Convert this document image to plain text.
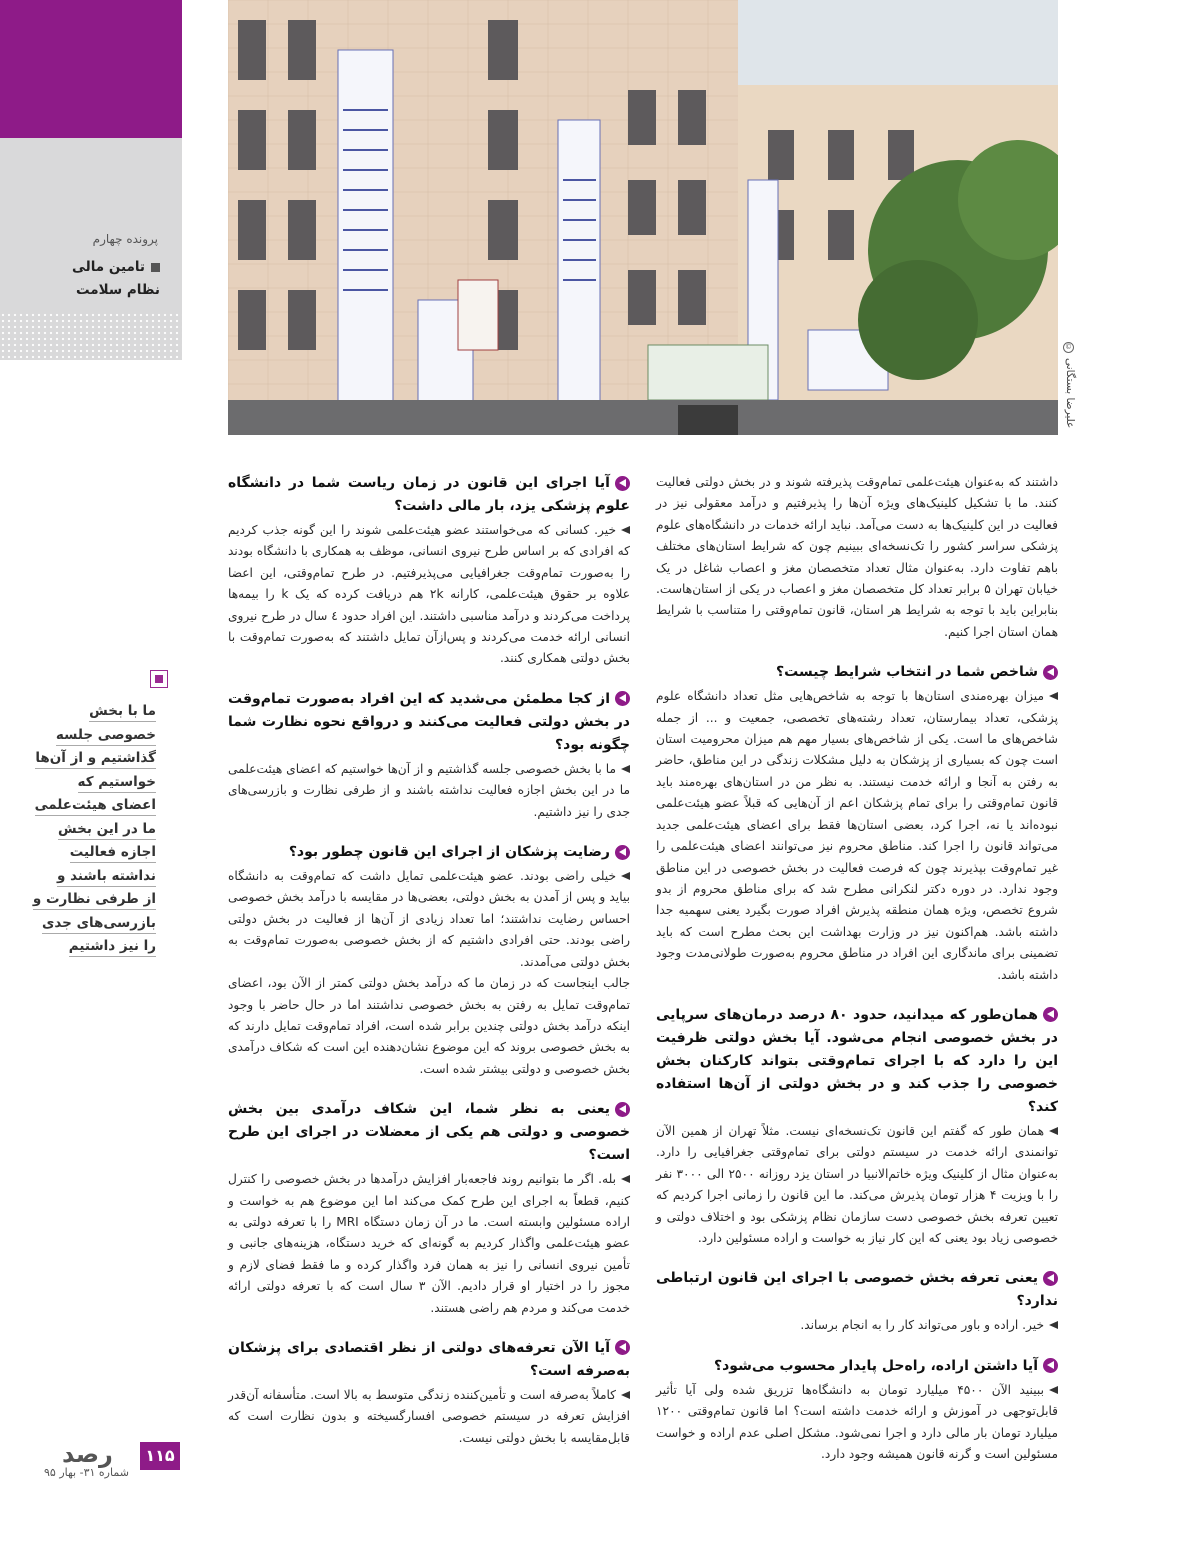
پرونده چهارم
تامین مالی
نظام سلامت
ما با بخش
خصوصی جلسه
گذاشتیم و از آن‌ها
خواستیم که
اعضای هیئت‌علمی
ما در این بخش
اجازه فعالیت
نداشته باشند و
از طرفی نظارت و
بازرسی‌های جدی
را نیز داشتیم
۱۱۵
رصد
شماره ۳۱- بهار ۹۵
©
علیرضا بستگانی

داشتند که به‌عنوان هیئت‌علمی تمام‌وقت پذیرفته شوند و در بخش دولتی فعالیت کنند. ما با تشکیل کلینیک‌های ویژه آن‌ها را پذیرفتیم و درآمد معقولی نیز در فعالیت در این کلینیک‌ها به دست می‌آمد. نباید ارائه خدمات در دانشگاه‌های علوم پزشکی سراسر کشور را تک‌نسخه‌ای ببینیم چون که شرایط استان‌های مختلف باهم تفاوت دارد. به‌عنوان مثال تعداد متخصصان مغز و اعصاب شاغل در یک خیابان تهران ۵ برابر تعداد کل متخصصان مغز و اعصاب در یکی از استان‌هاست. بنابراین باید با توجه به شرایط هر استان، قانون تمام‌وقتی را متناسب با شرایط همان استان اجرا کنیم.

شاخص شما در انتخاب شرایط چیست؟

میزان بهره‌مندی استان‌ها با توجه به شاخص‌هایی مثل تعداد دانشگاه علوم پزشکی، تعداد بیمارستان، تعداد رشته‌های تخصصی، جمعیت و ... از جمله شاخص‌های ما است. یکی از شاخص‌های بسیار مهم هم میزان محرومیت استان است چون که بسیاری از پزشکان به دلیل مشکلات زندگی در این مناطق، حاضر به رفتن به آنجا و ارائه خدمت نیستند. به نظر من در استان‌های بهره‌مند باید قانون تمام‌وقتی را برای تمام پزشکان اعم از آن‌هایی که قبلاً عضو هیئت‌علمی نبوده‌اند یا نه، اجرا کرد، بعضی استان‌ها فقط برای اعضای هیئت‌علمی جدید می‌تواند قانون را اجرا کند. مناطق محروم نیز می‌توانند اعضای هیئت‌علمی را غیر تمام‌وقت بپذیرند چون که فرصت فعالیت در بخش خصوصی در این مناطق وجود ندارد. در دوره دکتر لنکرانی مطرح شد که برای مناطق محروم از بدو شروع تخصص، ویژه همان منطقه پذیرش افراد صورت بگیرد یعنی سهمیه جدا داشته باشد. هم‌اکنون نیز در وزارت بهداشت این بحث مطرح است که باید تضمینی برای ماندگاری این افراد در مناطق محروم به‌صورت طولانی‌مدت وجود داشته باشد.

همان‌طور که میدانید، حدود ۸۰ درصد درمان‌های سرپایی در بخش خصوصی انجام می‌شود. آیا بخش دولتی ظرفیت این را دارد که با اجرای تمام‌وقتی بتواند کارکنان بخش خصوصی را جذب کند و در بخش دولتی از آن‌ها استفاده کند؟

همان طور که گفتم این قانون تک‌نسخه‌ای نیست. مثلاً تهران از همین الآن توانمندی ارائه خدمت در سیستم دولتی برای تمام‌وقتی جغرافیایی را دارد. به‌عنوان مثال از کلینیک ویژه خاتم‌الانبیا در استان یزد روزانه ۲۵۰۰ الی ۳۰۰۰ نفر را با ویزیت ۴ هزار تومان پذیرش می‌کند. ما این قانون را زمانی اجرا کردیم که تعیین تعرفه بخش خصوصی دست سازمان نظام پزشکی بود و اختلاف دولتی و خصوصی زیاد بود یعنی که این کار نیاز به خواست و اراده مسئولین دارد.

یعنی تعرفه بخش خصوصی با اجرای این قانون ارتباطی ندارد؟

خیر. اراده و باور می‌تواند کار را به انجام برساند.

آیا داشتن اراده، راه‌حل پایدار محسوب می‌شود؟

ببینید الآن ۴۵۰۰ میلیارد تومان به دانشگاه‌ها تزریق شده ولی آیا تأثیر قابل‌توجهی در آموزش و ارائه خدمت داشته است؟ اما قانون تمام‌وقتی ۱۲۰۰ میلیارد تومان بار مالی دارد و اجرا نمی‌شود. مشکل اصلی عدم اراده و خواست مسئولین است و گرنه قانون همیشه وجود دارد.

آیا اجرای این قانون در زمان ریاست شما در دانشگاه علوم پزشکی یزد، بار مالی داشت؟

خیر. کسانی که می‌خواستند عضو هیئت‌علمی شوند را این گونه جذب کردیم که افرادی که بر اساس طرح نیروی انسانی، موظف به همکاری با دانشگاه بودند را به‌صورت تمام‌وقت جغرافیایی می‌پذیرفتیم. در طرح تمام‌وقتی، این اعضا علاوه بر حقوق هیئت‌علمی، کارانه ۲k هم دریافت کرده که یک k را بیمه‌ها پرداخت می‌کردند و درآمد مناسبی داشتند. این افراد حدود ٤ سال در طرح نیروی انسانی ارائه خدمت می‌کردند و پس‌ازآن تمایل داشتند که به‌صورت تمام‌وقت با بخش دولتی همکاری کنند.

از کجا مطمئن می‌شدید که این افراد به‌صورت تمام‌وقت در بخش دولتی فعالیت می‌کنند و درواقع نحوه نظارت شما چگونه بود؟

ما با بخش خصوصی جلسه گذاشتیم و از آن‌ها خواستیم که اعضای هیئت‌علمی ما در این بخش اجازه فعالیت نداشته باشند و از طرفی نظارت و بازرسی‌های جدی را نیز داشتیم.

رضایت پزشکان از اجرای این قانون چطور بود؟

خیلی راضی بودند. عضو هیئت‌علمی تمایل داشت که تمام‌وقت به دانشگاه بیاید و پس از آمدن به بخش دولتی، بعضی‌ها در مقایسه با درآمد بخش خصوصی احساس رضایت نداشتند؛ اما تعداد زیادی از آن‌ها از فعالیت در بخش دولتی راضی بودند. حتی افرادی داشتیم که از بخش خصوصی به‌صورت تمام‌وقت به بخش دولتی می‌آمدند.

جالب اینجاست که در زمان ما که درآمد بخش دولتی کمتر از الآن بود، اعضای تمام‌وقت تمایل به رفتن به بخش خصوصی نداشتند اما در حال حاضر با وجود اینکه درآمد بخش دولتی چندین برابر شده است، افراد تمام‌وقت تمایل دارند که به بخش خصوصی بروند که این موضوع نشان‌دهنده این است که شکاف درآمدی بخش خصوصی و دولتی بیشتر شده است.

یعنی به نظر شما، این شکاف درآمدی بین بخش خصوصی و دولتی هم یکی از معضلات در اجرای این طرح است؟

بله. اگر ما بتوانیم روند فاجعه‌بار افزایش درآمدها در بخش خصوصی را کنترل کنیم، قطعاً به اجرای این طرح کمک می‌کند اما این موضوع هم به خواست و اراده مسئولین وابسته است. ما در آن زمان دستگاه MRI را با تعرفه دولتی به عضو هیئت‌علمی واگذار کردیم به گونه‌ای که خرید دستگاه، هزینه‌های جانبی و تأمین نیروی انسانی را نیز به همان فرد واگذار کرده و ما فقط فضای لازم و مجوز را در اختیار او قرار دادیم. الآن ۳ سال است که با تعرفه دولتی ارائه خدمت می‌کند و مردم هم راضی هستند.

آیا الآن تعرفه‌های دولتی از نظر اقتصادی برای پزشکان به‌صرفه است؟

کاملاً به‌صرفه است و تأمین‌کننده زندگی متوسط به بالا است. متأسفانه آن‌قدر افزایش تعرفه در سیستم خصوصی افسارگسیخته و بدون نظارت است که قابل‌مقایسه با بخش دولتی نیست.
